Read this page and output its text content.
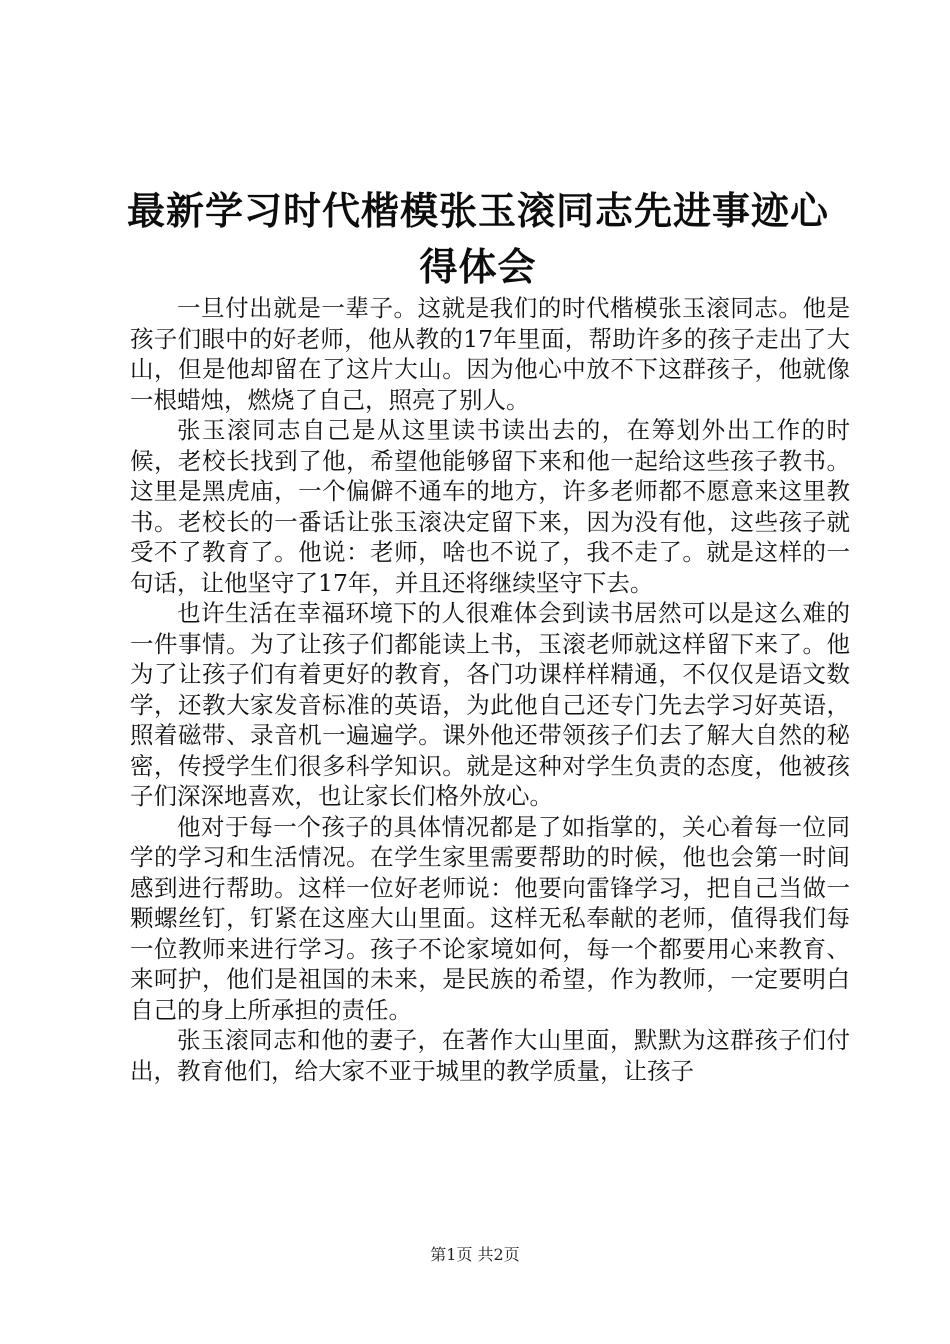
最新学习时代楷模张玉滚同志先进事迹心得体会

一旦付出就是一辈子。这就是我们的时代楷模张玉滚同志。他是孩子们眼中的好老师，他从教的17年里面，帮助许多的孩子走出了大山，但是他却留在了这片大山。因为他心中放不下这群孩子，他就像一根蜡烛，燃烧了自己，照亮了别人。

张玉滚同志自己是从这里读书读出去的，在筹划外出工作的时候，老校长找到了他，希望他能够留下来和他一起给这些孩子教书。这里是黑虎庙，一个偏僻不通车的地方，许多老师都不愿意来这里教书。老校长的一番话让张玉滚决定留下来，因为没有他，这些孩子就受不了教育了。他说：老师，啥也不说了，我不走了。就是这样的一句话，让他坚守了17年，并且还将继续坚守下去。

也许生活在幸福环境下的人很难体会到读书居然可以是这么难的一件事情。为了让孩子们都能读上书，玉滚老师就这样留下来了。他为了让孩子们有着更好的教育，各门功课样样精通，不仅仅是语文数学，还教大家发音标准的英语，为此他自己还专门先去学习好英语，照着磁带、录音机一遍遍学。课外他还带领孩子们去了解大自然的秘密，传授学生们很多科学知识。就是这种对学生负责的态度，他被孩子们深深地喜欢，也让家长们格外放心。

他对于每一个孩子的具体情况都是了如指掌的，关心着每一位同学的学习和生活情况。在学生家里需要帮助的时候，他也会第一时间感到进行帮助。这样一位好老师说：他要向雷锋学习，把自己当做一颗螺丝钉，钉紧在这座大山里面。这样无私奉献的老师，值得我们每一位教师来进行学习。孩子不论家境如何，每一个都要用心来教育、来呵护，他们是祖国的未来，是民族的希望，作为教师，一定要明白自己的身上所承担的责任。

张玉滚同志和他的妻子，在著作大山里面，默默为这群孩子们付出，教育他们，给大家不亚于城里的教学质量，让孩子

第1页 共2页
